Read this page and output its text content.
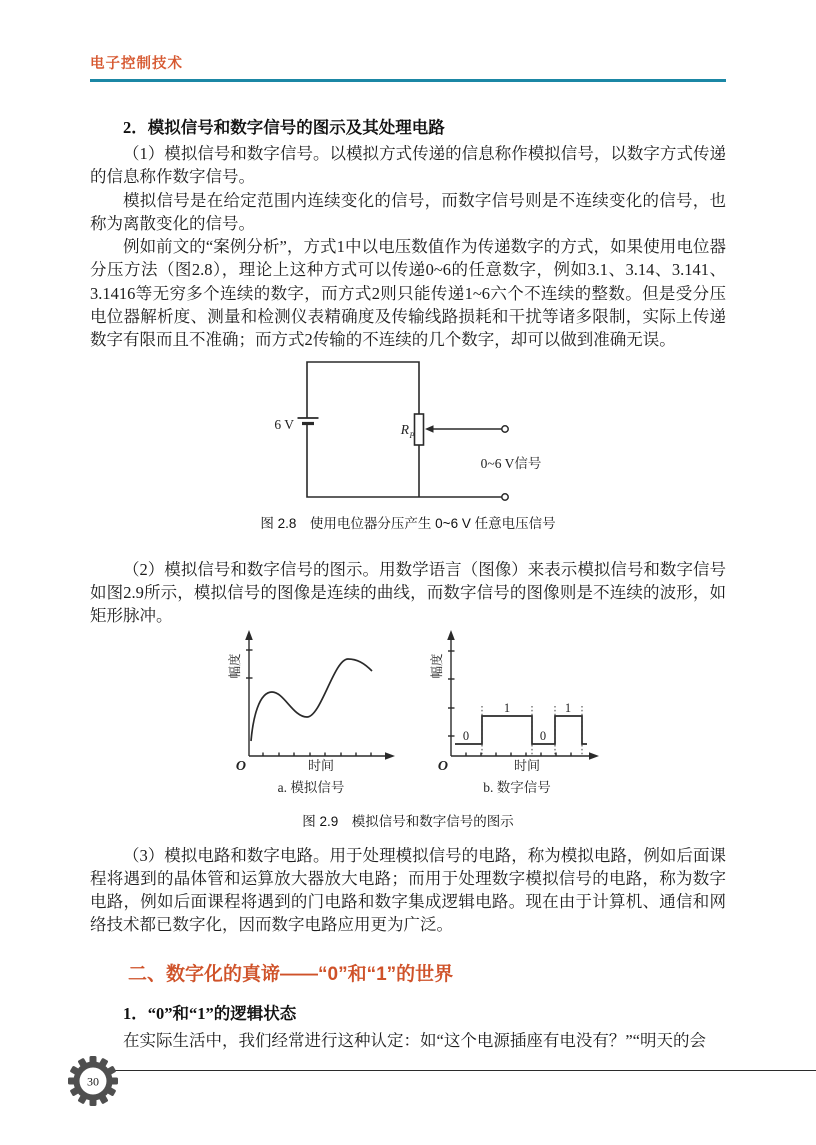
电子控制技术
2．模拟信号和数字信号的图示及其处理电路

（1）模拟信号和数字信号。以模拟方式传递的信息称作模拟信号，以数字方式传递的信息称作数字信号。

模拟信号是在给定范围内连续变化的信号，而数字信号则是不连续变化的信号，也称为离散变化的信号。

例如前文的“案例分析”，方式1中以电压数值作为传递数字的方式，如果使用电位器分压方法（图2.8），理论上这种方式可以传递0~6的任意数字，例如3.1、3.14、3.141、3.1416等无穷多个连续的数字，而方式2则只能传递1~6六个不连续的整数。但是受分压电位器解析度、测量和检测仪表精确度及传输线路损耗和干扰等诸多限制，实际上传递数字有限而且不准确；而方式2传输的不连续的几个数字，却可以做到准确无误。

6 V	R P
0~6 V信号
图 2.8　使用电位器分压产生 0~6 V 任意电压信号

（2）模拟信号和数字信号的图示。用数学语言（图像）来表示模拟信号和数字信号如图2.9所示，模拟信号的图像是连续的曲线，而数字信号的图像则是不连续的波形，如矩形脉冲。

幅度
O	时间
a. 模拟信号
0
1
0
1
幅度
O	时间
b. 数字信号
图 2.9　模拟信号和数字信号的图示

（3）模拟电路和数字电路。用于处理模拟信号的电路，称为模拟电路，例如后面课程将遇到的晶体管和运算放大器放大电路；而用于处理数字模拟信号的电路，称为数字电路，例如后面课程将遇到的门电路和数字集成逻辑电路。现在由于计算机、通信和网络技术都已数字化，因而数字电路应用更为广泛。

二、数字化的真谛——“0”和“1”的世界
1．“0”和“1”的逻辑状态

在实际生活中，我们经常进行这种认定：如“这个电源插座有电没有？”“明天的会

30
